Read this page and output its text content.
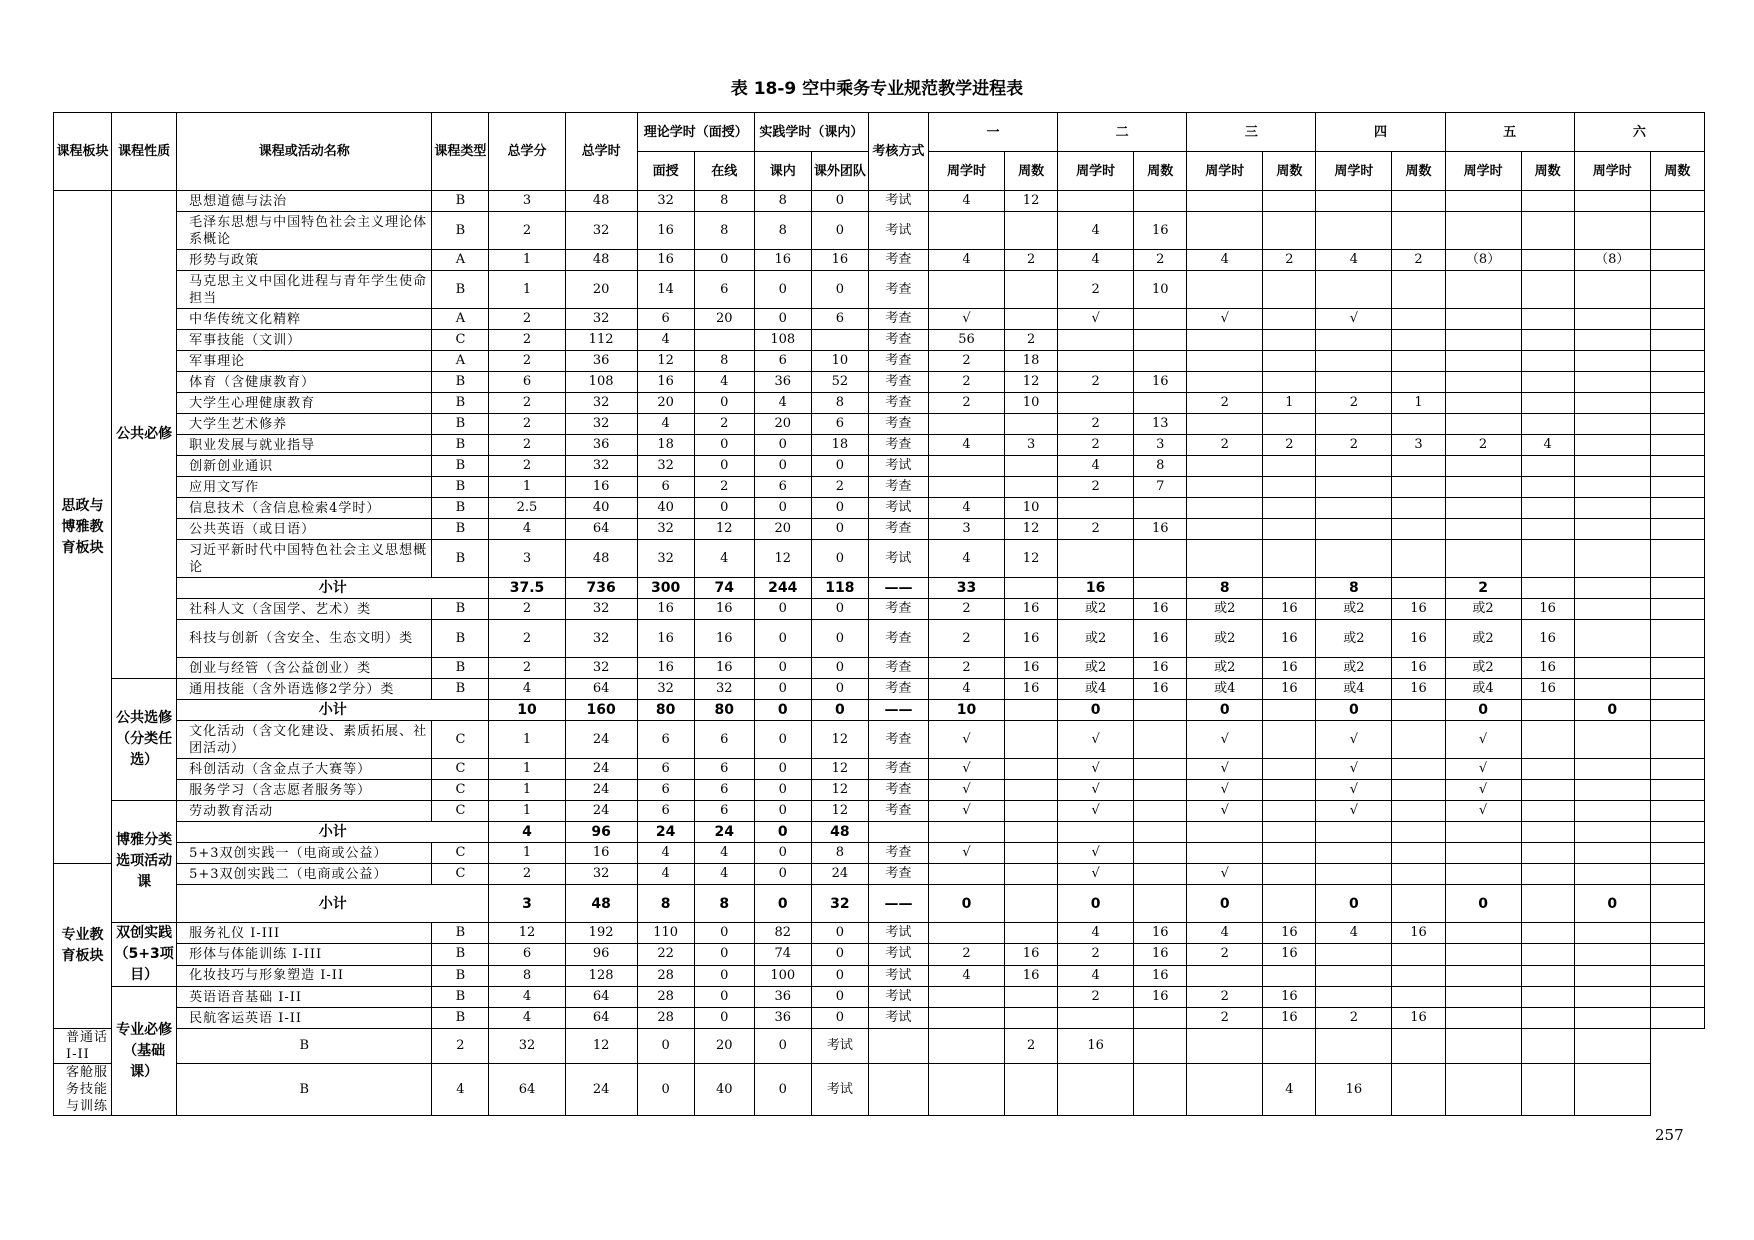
表 18-9 空中乘务专业规范教学进程表
课程板块	课程性质	课程或活动名称	课程类型	总学分	总学时	理论学时（面授）		实践学时（课内）		考核方式	一		二		三		四		五		六	
						面授	在线	课内	课外团队		周学时	周数	周学时	周数	周学时	周数	周学时	周数	周学时	周数	周学时	周数
思政与博雅教育板块	公共必修	思想道德与法治	B	3	48	32	8	8	0	考试	4	12										
		毛泽东思想与中国特色社会主义理论体系概论	B	2	32	16	8	8	0	考试			4	16								
		形势与政策	A	1	48	16	0	16	16	考查	4	2	4	2	4	2	4	2	（8）		（8）	
		马克思主义中国化进程与青年学生使命担当	B	1	20	14	6	0	0	考查			2	10								
		中华传统文化精粹	A	2	32	6	20	0	6	考查	√		√		√		√					
		军事技能（文训）	C	2	112	4		108		考查	56	2										
		军事理论	A	2	36	12	8	6	10	考查	2	18										
		体育（含健康教育）	B	6	108	16	4	36	52	考查	2	12	2	16								
		大学生心理健康教育	B	2	32	20	0	4	8	考查	2	10			2	1	2	1				
		大学生艺术修养	B	2	32	4	2	20	6	考查			2	13								
		职业发展与就业指导	B	2	36	18	0	0	18	考查	4	3	2	3	2	2	2	3	2	4		
		创新创业通识	B	2	32	32	0	0	0	考试			4	8								
		应用文写作	B	1	16	6	2	6	2	考查			2	7								
		信息技术（含信息检索4学时）	B	2.5	40	40	0	0	0	考试	4	10										
		公共英语（或日语）	B	4	64	32	12	20	0	考查	3	12	2	16								
		习近平新时代中国特色社会主义思想概论	B	3	48	32	4	12	0	考试	4	12										
		小计		37.5	736	300	74	244	118	——	33		16		8		8		2			
		社科人文（含国学、艺术）类	B	2	32	16	16	0	0	考查	2	16	或2	16	或2	16	或2	16	或2	16		
		科技与创新（含安全、生态文明）类	B	2	32	16	16	0	0	考查	2	16	或2	16	或2	16	或2	16	或2	16		
		创业与经管（含公益创业）类	B	2	32	16	16	0	0	考查	2	16	或2	16	或2	16	或2	16	或2	16		
	公共选修（分类任选）	通用技能（含外语选修2学分）类	B	4	64	32	32	0	0	考查	4	16	或4	16	或4	16	或4	16	或4	16		
		小计		10	160	80	80	0	0	——	10		0		0		0		0		0	
		文化活动（含文化建设、素质拓展、社团活动）	C	1	24	6	6	0	12	考查	√		√		√		√		√			
		科创活动（含金点子大赛等）	C	1	24	6	6	0	12	考查	√		√		√		√		√			
		服务学习（含志愿者服务等）	C	1	24	6	6	0	12	考查	√		√		√		√		√			
	博雅分类选项活动课	劳动教育活动	C	1	24	6	6	0	12	考查	√		√		√		√		√			
		小计		4	96	24	24	0	48													
		5+3双创实践一（电商或公益）	C	1	16	4	4	0	8	考查	√		√									
专业教育板块		5+3双创实践二（电商或公益）	C	2	32	4	4	0	24	考查			√		√							
		小计		3	48	8	8	0	32	——	0		0		0		0		0		0	
	双创实践（5+3项目）	服务礼仪 I-III	B	12	192	110	0	82	0	考试			4	16	4	16	4	16				
		形体与体能训练 I-III	B	6	96	22	0	74	0	考试	2	16	2	16	2	16						
		化妆技巧与形象塑造 I-II	B	8	128	28	0	100	0	考试	4	16	4	16								
	专业必修（基础课）	英语语音基础 I-II	B	4	64	28	0	36	0	考试			2	16	2	16						
		民航客运英语 I-II	B	4	64	28	0	36	0	考试					2	16	2	16				
普通话 I-II		B	2	32	12	0	20	0	考试			2	16									
客舱服务技能与训练		B	4	64	24	0	40	0	考试							4	16					
257
